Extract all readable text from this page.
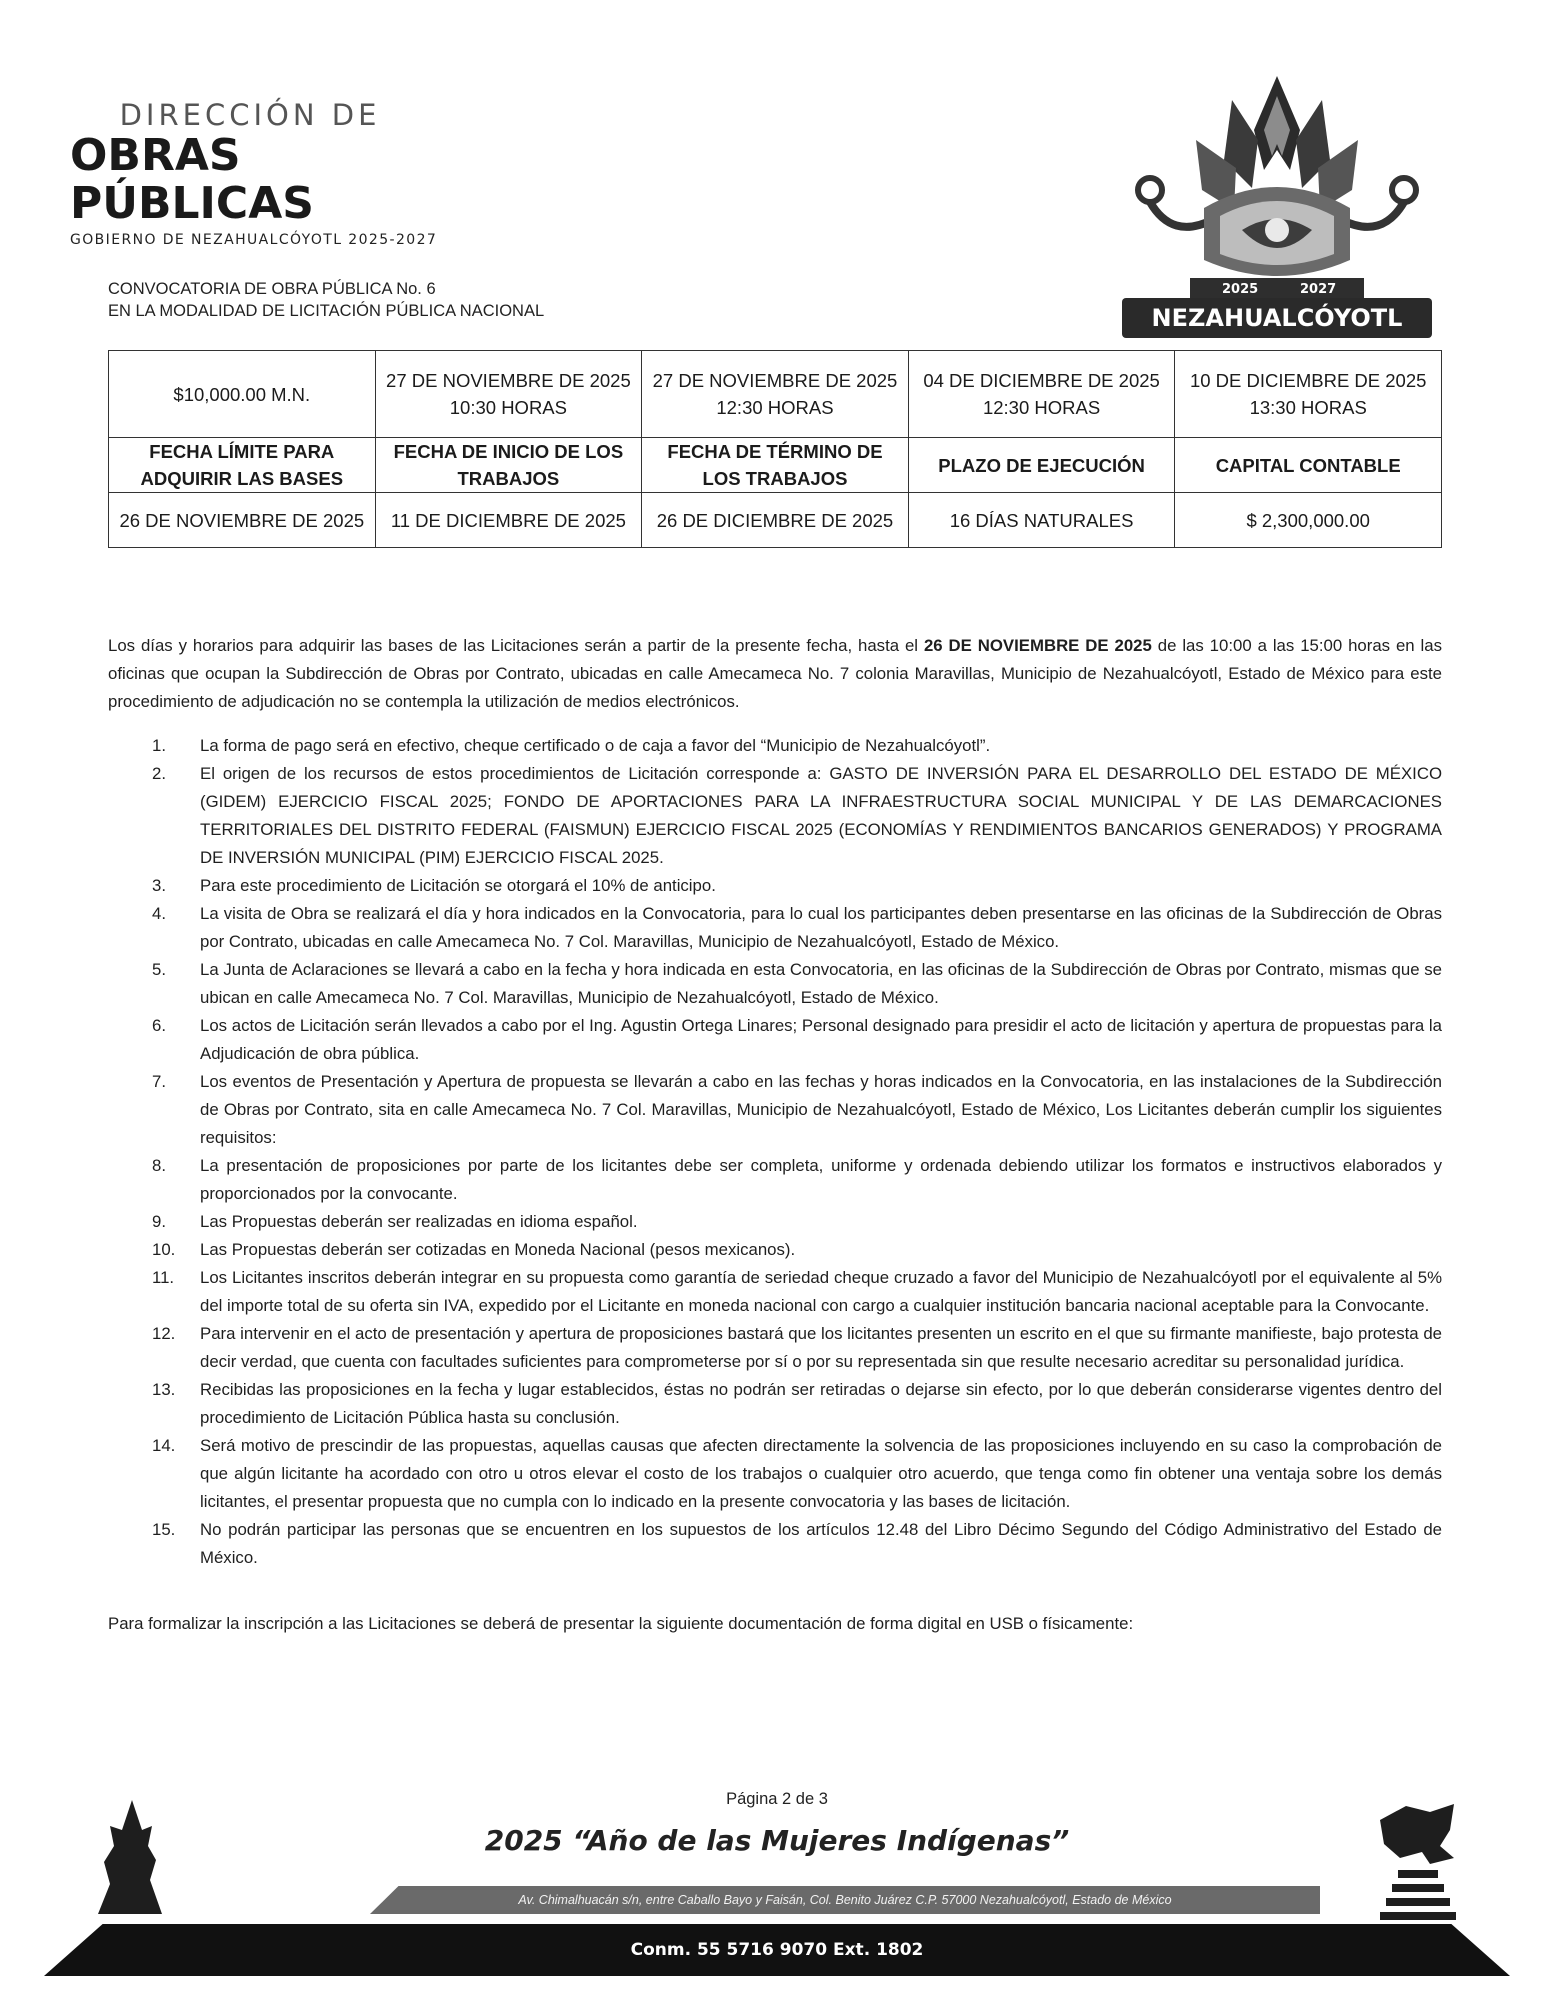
DIRECCIÓN DE
OBRAS PÚBLICAS
GOBIERNO DE NEZAHUALCÓYOTL 2025-2027
2025	2027
NEZAHUALCÓYOTL
CONVOCATORIA DE OBRA PÚBLICA No. 6
EN LA MODALIDAD DE LICITACIÓN PÚBLICA NACIONAL
$10,000.00 M.N.	27 DE NOVIEMBRE DE 2025 10:30 HORAS	27 DE NOVIEMBRE DE 2025 12:30 HORAS	04 DE DICIEMBRE DE 2025 12:30 HORAS	10 DE DICIEMBRE DE 2025 13:30 HORAS
FECHA LÍMITE PARA ADQUIRIR LAS BASES	FECHA DE INICIO DE LOS TRABAJOS	FECHA DE TÉRMINO DE LOS TRABAJOS	PLAZO DE EJECUCIÓN	CAPITAL CONTABLE
26 DE NOVIEMBRE DE 2025	11 DE DICIEMBRE DE 2025	26 DE DICIEMBRE DE 2025	16 DÍAS NATURALES	$ 2,300,000.00

Los días y horarios para adquirir las bases de las Licitaciones serán a partir de la presente fecha, hasta el 26 DE NOVIEMBRE DE 2025 de las 10:00 a las 15:00 horas en las oficinas que ocupan la Subdirección de Obras por Contrato, ubicadas en calle Amecameca No. 7 colonia Maravillas, Municipio de Nezahualcóyotl, Estado de México para este procedimiento de adjudicación no se contempla la utilización de medios electrónicos.

1.	La forma de pago será en efectivo, cheque certificado o de caja a favor del “Municipio de Nezahualcóyotl”.
2.	El origen de los recursos de estos procedimientos de Licitación corresponde a: GASTO DE INVERSIÓN PARA EL DESARROLLO DEL ESTADO DE MÉXICO (GIDEM) EJERCICIO FISCAL 2025; FONDO DE APORTACIONES PARA LA INFRAESTRUCTURA SOCIAL MUNICIPAL Y DE LAS DEMARCACIONES TERRITORIALES DEL DISTRITO FEDERAL (FAISMUN) EJERCICIO FISCAL 2025 (ECONOMÍAS Y RENDIMIENTOS BANCARIOS GENERADOS) Y PROGRAMA DE INVERSIÓN MUNICIPAL (PIM) EJERCICIO FISCAL 2025.
3.	Para este procedimiento de Licitación se otorgará el 10% de anticipo.
4.	La visita de Obra se realizará el día y hora indicados en la Convocatoria, para lo cual los participantes deben presentarse en las oficinas de la Subdirección de Obras por Contrato, ubicadas en calle Amecameca No. 7 Col. Maravillas, Municipio de Nezahualcóyotl, Estado de México.
5.	La Junta de Aclaraciones se llevará a cabo en la fecha y hora indicada en esta Convocatoria, en las oficinas de la Subdirección de Obras por Contrato, mismas que se ubican en calle Amecameca No. 7 Col. Maravillas, Municipio de Nezahualcóyotl, Estado de México.
6.	Los actos de Licitación serán llevados a cabo por el Ing. Agustin Ortega Linares; Personal designado para presidir el acto de licitación y apertura de propuestas para la Adjudicación de obra pública.
7.	Los eventos de Presentación y Apertura de propuesta se llevarán a cabo en las fechas y horas indicados en la Convocatoria, en las instalaciones de la Subdirección de Obras por Contrato, sita en calle Amecameca No. 7 Col. Maravillas, Municipio de Nezahualcóyotl, Estado de México, Los Licitantes deberán cumplir los siguientes requisitos:
8.	La presentación de proposiciones por parte de los licitantes debe ser completa, uniforme y ordenada debiendo utilizar los formatos e instructivos elaborados y proporcionados por la convocante.
9.	Las Propuestas deberán ser realizadas en idioma español.
10.	Las Propuestas deberán ser cotizadas en Moneda Nacional (pesos mexicanos).
11.	Los Licitantes inscritos deberán integrar en su propuesta como garantía de seriedad cheque cruzado a favor del Municipio de Nezahualcóyotl por el equivalente al 5% del importe total de su oferta sin IVA, expedido por el Licitante en moneda nacional con cargo a cualquier institución bancaria nacional aceptable para la Convocante.
12.	Para intervenir en el acto de presentación y apertura de proposiciones bastará que los licitantes presenten un escrito en el que su firmante manifieste, bajo protesta de decir verdad, que cuenta con facultades suficientes para comprometerse por sí o por su representada sin que resulte necesario acreditar su personalidad jurídica.
13.	Recibidas las proposiciones en la fecha y lugar establecidos, éstas no podrán ser retiradas o dejarse sin efecto, por lo que deberán considerarse vigentes dentro del procedimiento de Licitación Pública hasta su conclusión.
14.	Será motivo de prescindir de las propuestas, aquellas causas que afecten directamente la solvencia de las proposiciones incluyendo en su caso la comprobación de que algún licitante ha acordado con otro u otros elevar el costo de los trabajos o cualquier otro acuerdo, que tenga como fin obtener una ventaja sobre los demás licitantes, el presentar propuesta que no cumpla con lo indicado en la presente convocatoria y las bases de licitación.
15.	No podrán participar las personas que se encuentren en los supuestos de los artículos 12.48 del Libro Décimo Segundo del Código Administrativo del Estado de México.

Para formalizar la inscripción a las Licitaciones se deberá de presentar la siguiente documentación de forma digital en USB o físicamente:

Página 2 de 3
2025 “Año de las Mujeres Indígenas”
Av. Chimalhuacán s/n, entre Caballo Bayo y Faisán, Col. Benito Juárez C.P. 57000 Nezahualcóyotl, Estado de México
Conm. 55 5716 9070 Ext. 1802
